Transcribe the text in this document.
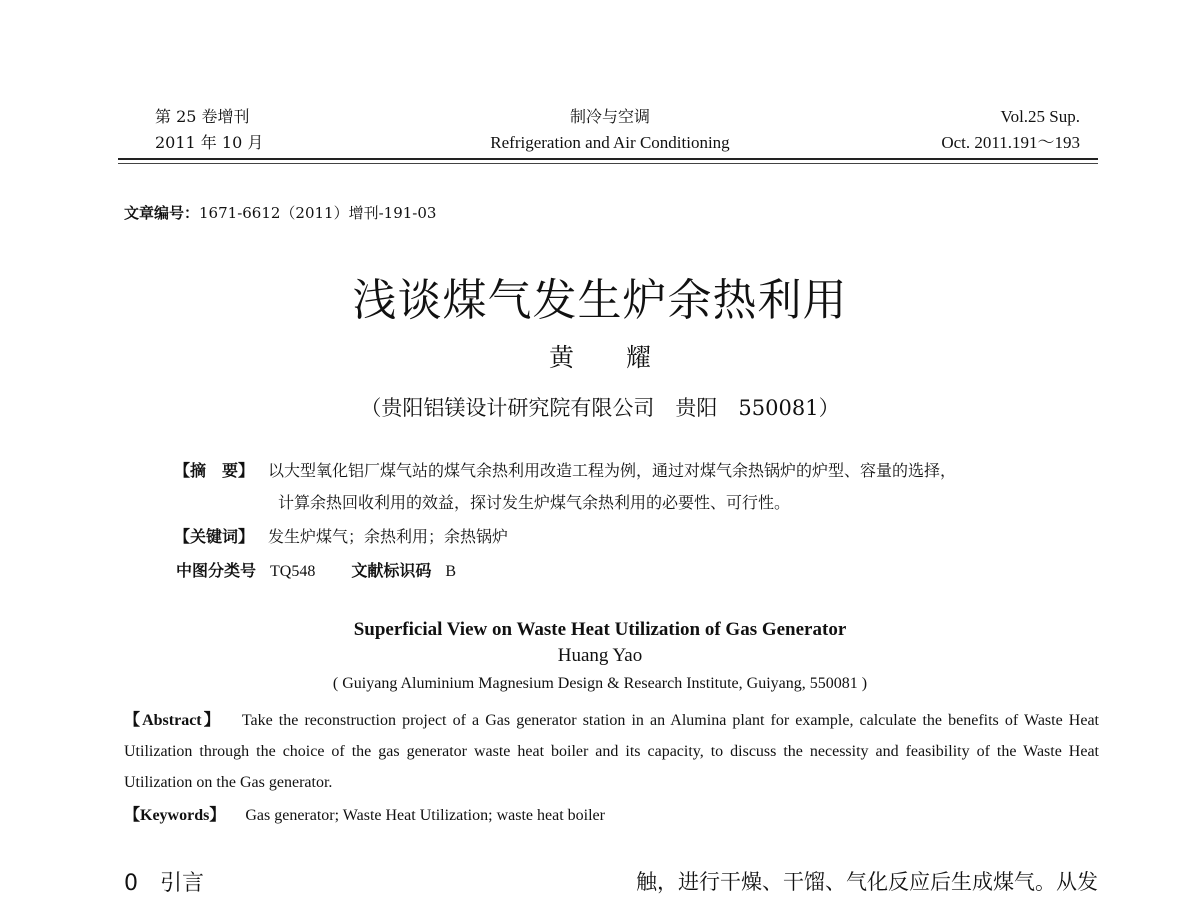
第 25 卷增刊
2011 年 10 月
制冷与空调
Refrigeration and Air Conditioning
Vol.25 Sup.
Oct. 2011.191～193
文章编号：1671-6612（2011）增刊-191-03
浅谈煤气发生炉余热利用
黄 耀
（贵阳铝镁设计研究院有限公司　贵阳　550081）
【摘　要】 以大型氧化铝厂煤气站的煤气余热利用改造工程为例，通过对煤气余热锅炉的炉型、容量的选择，
计算余热回收利用的效益，探讨发生炉煤气余热利用的必要性、可行性。
【关键词】 发生炉煤气；余热利用；余热锅炉
中图分类号 TQ548 文献标识码 B
Superficial View on Waste Heat Utilization of Gas Generator
Huang Yao
( Guiyang Aluminium Magnesium Design & Research Institute, Guiyang, 550081 )
【Abstract】 Take the reconstruction project of a Gas generator station in an Alumina plant for example, calculate the benefits of Waste Heat Utilization through the choice of the gas generator waste heat boiler and its capacity, to discuss the necessity and feasibility of the Waste Heat Utilization on the Gas generator.
【Keywords】 Gas generator; Waste Heat Utilization; waste heat boiler
0 引言	触，进行干燥、干馏、气化反应后生成煤气。从发
